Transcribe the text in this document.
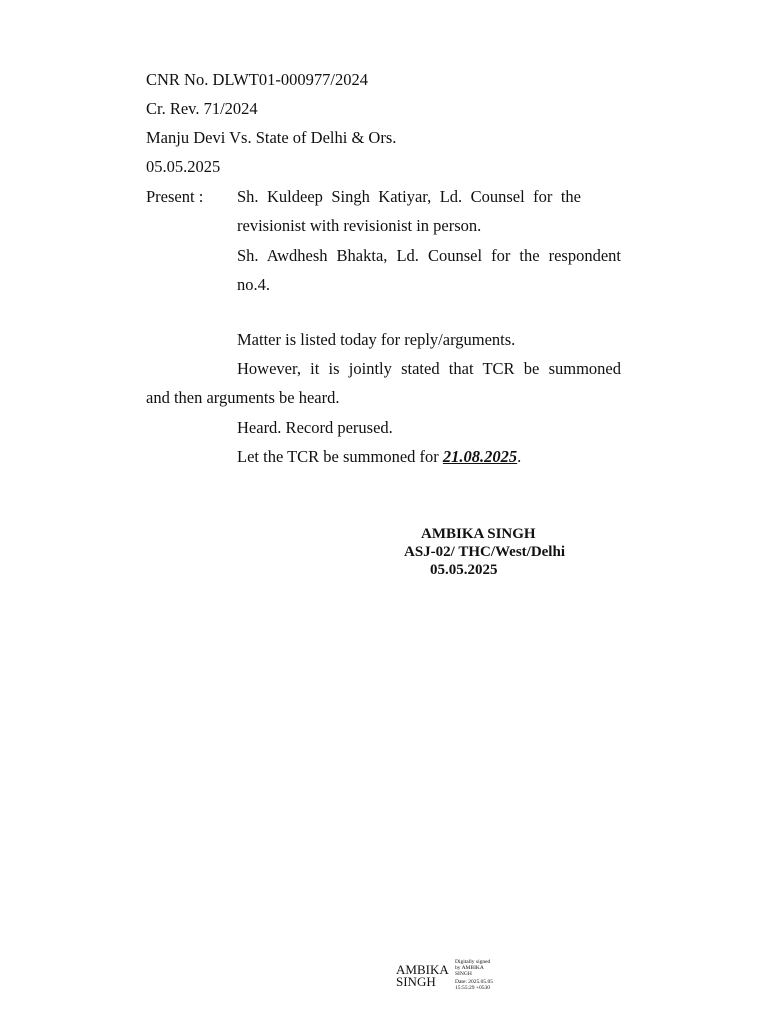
CNR No. DLWT01-000977/2024
Cr. Rev. 71/2024
Manju Devi Vs. State of Delhi & Ors.
05.05.2025
Present : Sh. Kuldeep Singh Katiyar, Ld. Counsel for the
revisionist with revisionist in person.
Sh. Awdhesh Bhakta, Ld. Counsel for the respondent
no.4.
Matter is listed today for reply/arguments.
However, it is jointly stated that TCR be summoned
and then arguments be heard.
Heard. Record perused.
Let the TCR be summoned for 21.08.2025.
AMBIKA SINGH
ASJ-02/ THC/West/Delhi
05.05.2025
AMBIKA
SINGH
Digitally signed
by AMBIKA
SINGH
Date: 2025.05.05
15:55:29 +0530
